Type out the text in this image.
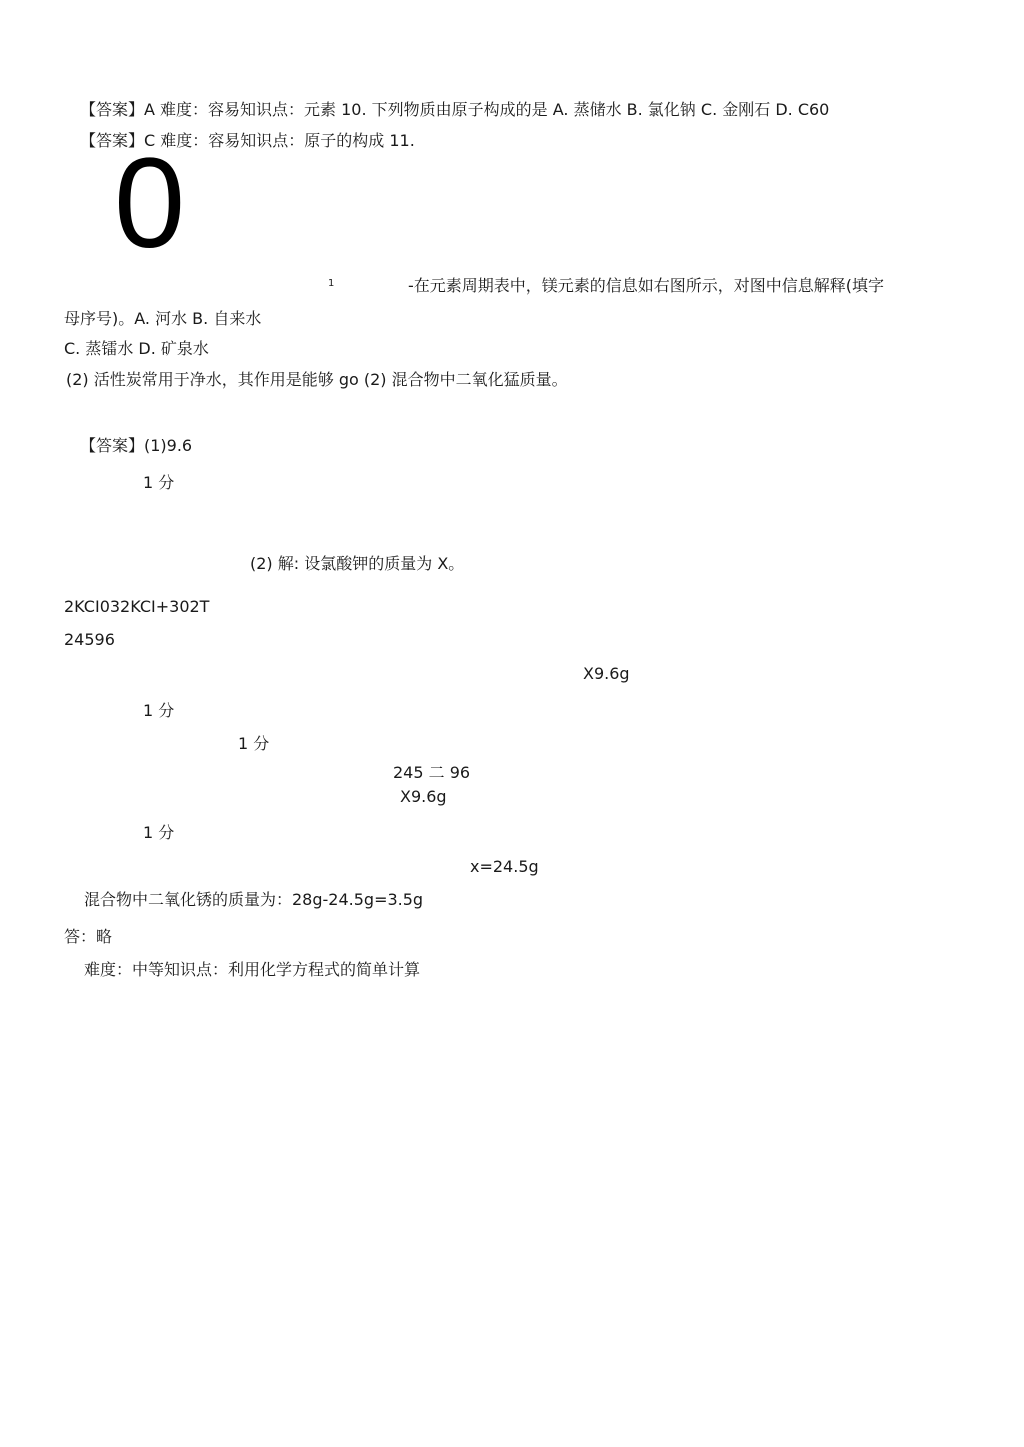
【答案】A 难度：容易知识点：元素 10. 下列物质由原子构成的是 A. 蒸储水 B. 氯化钠 C. 金刚石 D. C60
【答案】C 难度：容易知识点：原子的构成 11.
0
1	-在元素周期表中，镁元素的信息如右图所示，对图中信息解释(填字
母序号)。A. 河水 B. 自来水
C. 蒸镭水 D. 矿泉水
(2) 活性炭常用于净水，其作用是能够 go (2) 混合物中二氧化猛质量。
【答案】(1)9.6
1 分
(2) 解: 设氯酸钾的质量为 X。
2KCI032KCI+302T
24596
X9.6g
1 分
1 分
245 二 96
X9.6g
1 分
x=24.5g
混合物中二氧化锈的质量为：28g-24.5g=3.5g
答：略
难度：中等知识点：利用化学方程式的简单计算
